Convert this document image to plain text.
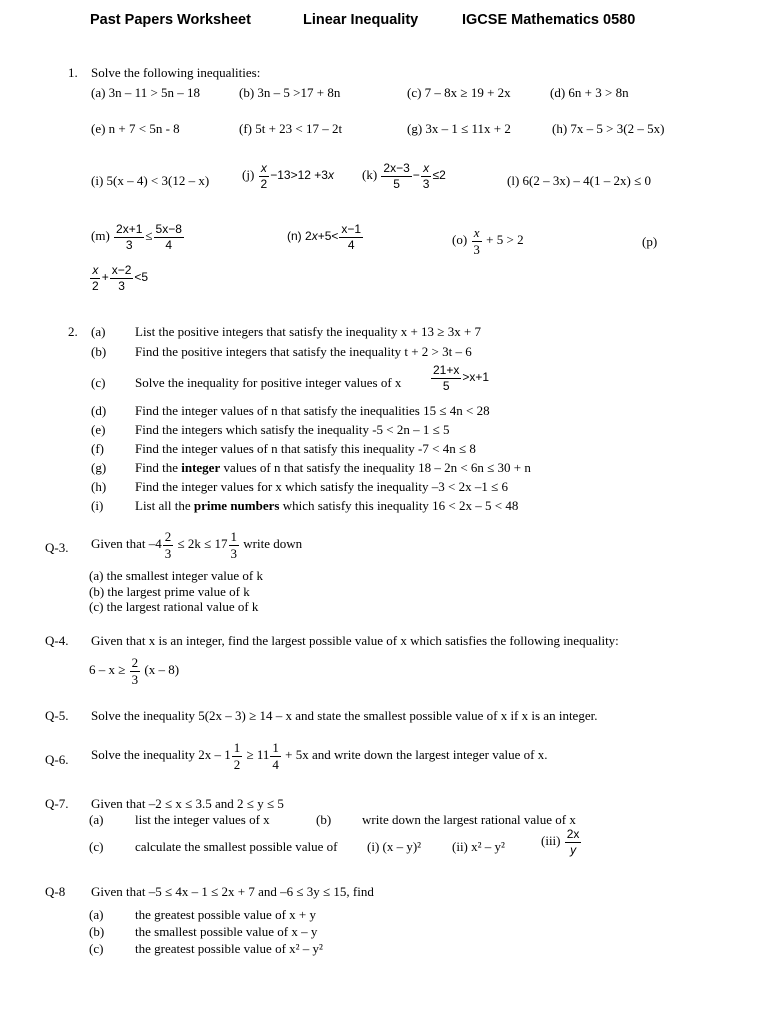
Past Papers Worksheet	Linear Inequality	IGCSE Mathematics 0580
1. Solve the following inequalities:
(a) 3n – 11 > 5n – 18	(b) 3n – 5 >17 + 8n	(c) 7 – 8x ≥ 19 + 2x	(d) 6n + 3 > 8n
(e) n + 7 < 5n - 8	(f) 5t + 23 < 17 – 2t	(g) 3x – 1 ≤ 11x + 2	(h) 7x – 5 > 3(2 – 5x)
(i) 5(x – 4) < 3(12 – x)	$(j) \frac{x}{2} -13>12 +3x$ $(k) \frac{2x-3}{5} - \frac{x}{3} \le 2$	(l) 6(2 – 3x) – 4(1 – 2x) ≤ 0
$(m) \frac{2x+1}{3} \le \frac{5x-8}{4}$	(n) $2x+5< \frac{x-1}{4}$	$(o) \frac{x}{3} + 5 > 2$	(p)
$\frac{x}{2} + \frac{x-2}{3} <5$
2. (a) List the positive integers that satisfy the inequality x + 13 ≥ 3x + 7
(b) Find the positive integers that satisfy the inequality t + 2 > 3t – 6
(c) Solve the inequality for positive integer values of x $\frac{21+x}{5} >x+1$
(d) Find the integer values of n that satisfy the inequalities 15 ≤ 4n < 28
(e) Find the integers which satisfy the inequality -5 < 2n – 1 ≤ 5
(f) Find the integer values of n that satisfy this inequality -7 < 4n ≤ 8
(g) Find the integer values of n that satisfy the inequality 18 – 2n < 6n ≤ 30 + n
(h) Find the integer values for x which satisfy the inequality –3 < 2x –1 ≤ 6
(i) List all the prime numbers which satisfy this inequality 16 < 2x – 5 < 48
Q-3. Given that $-4 \frac{2}{3} \le 2k \le 17 \frac{1}{3}$ write down
(a) the smallest integer value of k
(b) the largest prime value of k
(c) the largest rational value of k
Q-4. Given that x is an integer, find the largest possible value of x which satisfies the following inequality:
$6 - x \ge \frac{2}{3} (x - 8)$
Q-5. Solve the inequality 5(2x – 3) ≥ 14 – x and state the smallest possible value of x if x is an integer.
Q-6. Solve the inequality $2x - 1 \frac{1}{2} \ge 11 \frac{1}{4} + 5x$ and write down the largest integer value of x.
Q-7. Given that –2 ≤ x ≤ 3.5 and 2 ≤ y ≤ 5
(a) list the integer values of x	(b) write down the largest rational value of x
(c) calculate the smallest possible value of (i) (x – y)² (ii) x² – y²	$(iii) \frac{2x}{y}$
Q-8 Given that –5 ≤ 4x – 1 ≤ 2x + 7 and –6 ≤ 3y ≤ 15, find
(a) the greatest possible value of x + y
(b) the smallest possible value of x – y
(c) the greatest possible value of x² – y²
